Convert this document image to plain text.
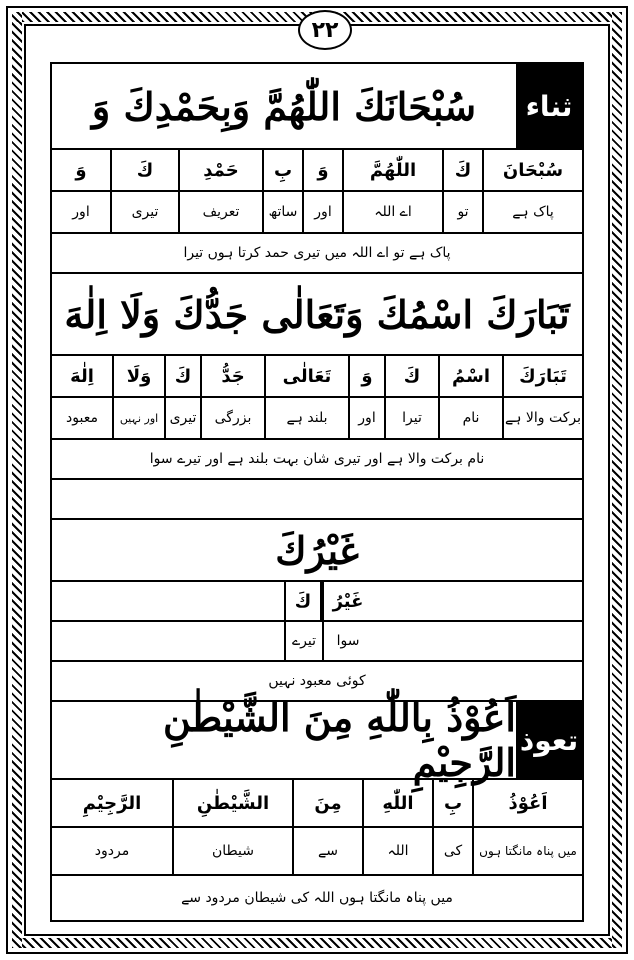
۲۲
ثناء
سُبْحَانَكَ اللّٰهُمَّ وَبِحَمْدِكَ وَ
سُبْحَانَ
كَ
اللّٰهُمَّ
وَ
بِ
حَمْدِ
كَ
وَ
پاک ہے
تو
اے اللہ
اور
ساتھ
تعریف
تیری
اور
پاک ہے تو اے اللہ میں تیری حمد کرتا ہوں تیرا
تَبَارَكَ اسْمُكَ وَتَعَالٰى جَدُّكَ وَلَا اِلٰهَ
تَبَارَكَ
اسْمُ
كَ
وَ
تَعَالٰى
جَدُّ
كَ
وَلَا
اِلٰهَ
برکت والا ہے
نام
تیرا
اور
بلند ہے
بزرگی
تیری
اور نہیں
معبود
نام برکت والا ہے اور تیری شان بہت بلند ہے اور تیرے سوا
غَيْرُكَ
غَيْرُ
كَ
سوا
تیرے
کوئی معبود نہیں
تعوذ
اَعُوْذُ بِاللّٰهِ مِنَ الشَّيْطٰنِ الرَّجِيْمِ
اَعُوْذُ
بِ
اللّٰهِ
مِنَ
الشَّيْطٰنِ
الرَّجِيْمِ
میں پناہ مانگتا ہوں
کی
اللہ
سے
شیطان
مردود
میں پناہ مانگتا ہوں اللہ کی شیطان مردود سے
